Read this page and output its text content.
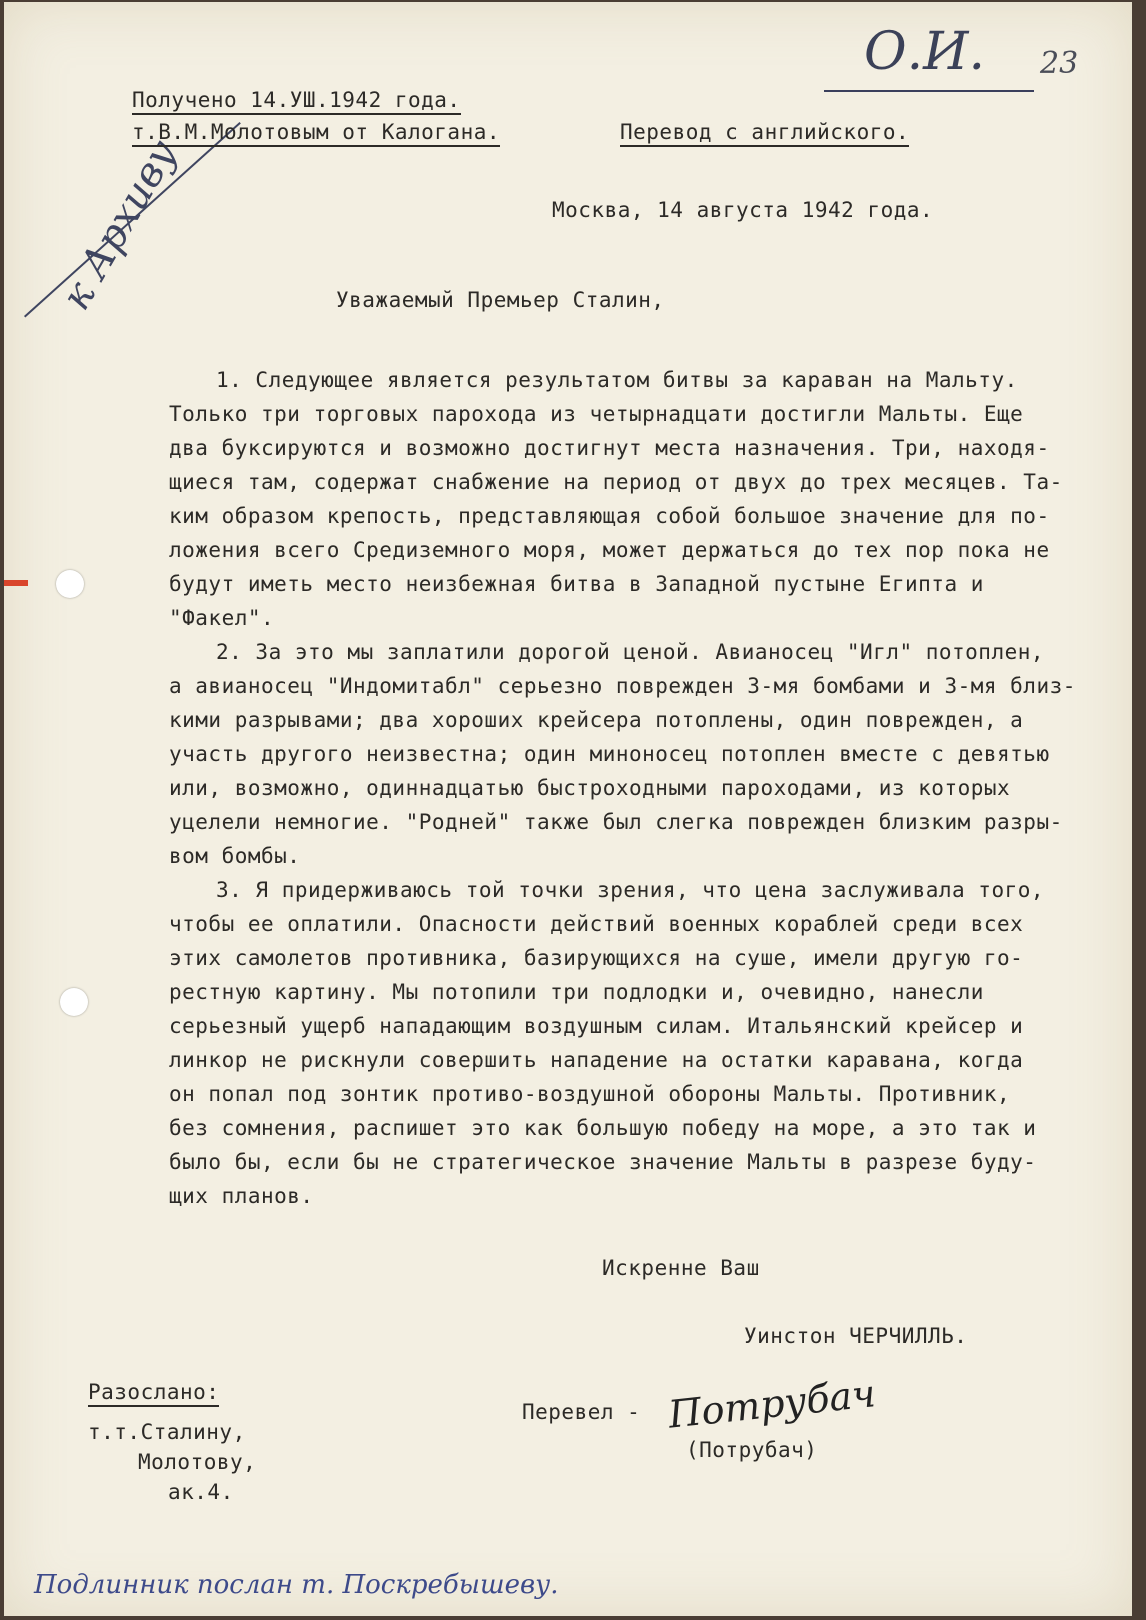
О.И. 23
к Архиву
Получено 14.УШ.1942 года.
т.В.М.Молотовым от Калогана.	Перевод с английского.
Москва, 14 августа 1942 года.
Уважаемый Премьер Сталин,
1. Следующее является результатом битвы за караван на Мальту.
Только три торговых парохода из четырнадцати достигли Мальты. Еще
два буксируются и возможно достигнут места назначения. Три, находя-
щиеся там, содержат снабжение на период от двух до трех месяцев. Та-
ким образом крепость, представляющая собой большое значение для по-
ложения всего Средиземного моря, может держаться до тех пор пока не
будут иметь место неизбежная битва в Западной пустыне Египта и
"Факел".
2. За это мы заплатили дорогой ценой. Авианосец "Игл" потоплен,
а авианосец "Индомитабл" серьезно поврежден 3-мя бомбами и 3-мя близ-
кими разрывами; два хороших крейсера потоплены, один поврежден, а
участь другого неизвестна; один миноносец потоплен вместе с девятью
или, возможно, одиннадцатью быстроходными пароходами, из которых
уцелели немногие. "Родней" также был слегка поврежден близким разры-
вом бомбы.
3. Я придерживаюсь той точки зрения, что цена заслуживала того,
чтобы ее оплатили. Опасности действий военных кораблей среди всех
этих самолетов противника, базирующихся на суше, имели другую го-
рестную картину. Мы потопили три подлодки и, очевидно, нанесли
серьезный ущерб нападающим воздушным силам. Итальянский крейсер и
линкор не рискнули совершить нападение на остатки каравана, когда
он попал под зонтик противо-воздушной обороны Мальты. Противник,
без сомнения, распишет это как большую победу на море, а это так и
было бы, если бы не стратегическое значение Мальты в разрезе буду-
щих планов.
Искренне Ваш
Уинстон ЧЕРЧИЛЛЬ.
Разослано:
т.т.Сталину,
Молотову,
ак.4.
Перевел - Потрубач
(Потрубач)
Подлинник послан т. Поскребышеву.
